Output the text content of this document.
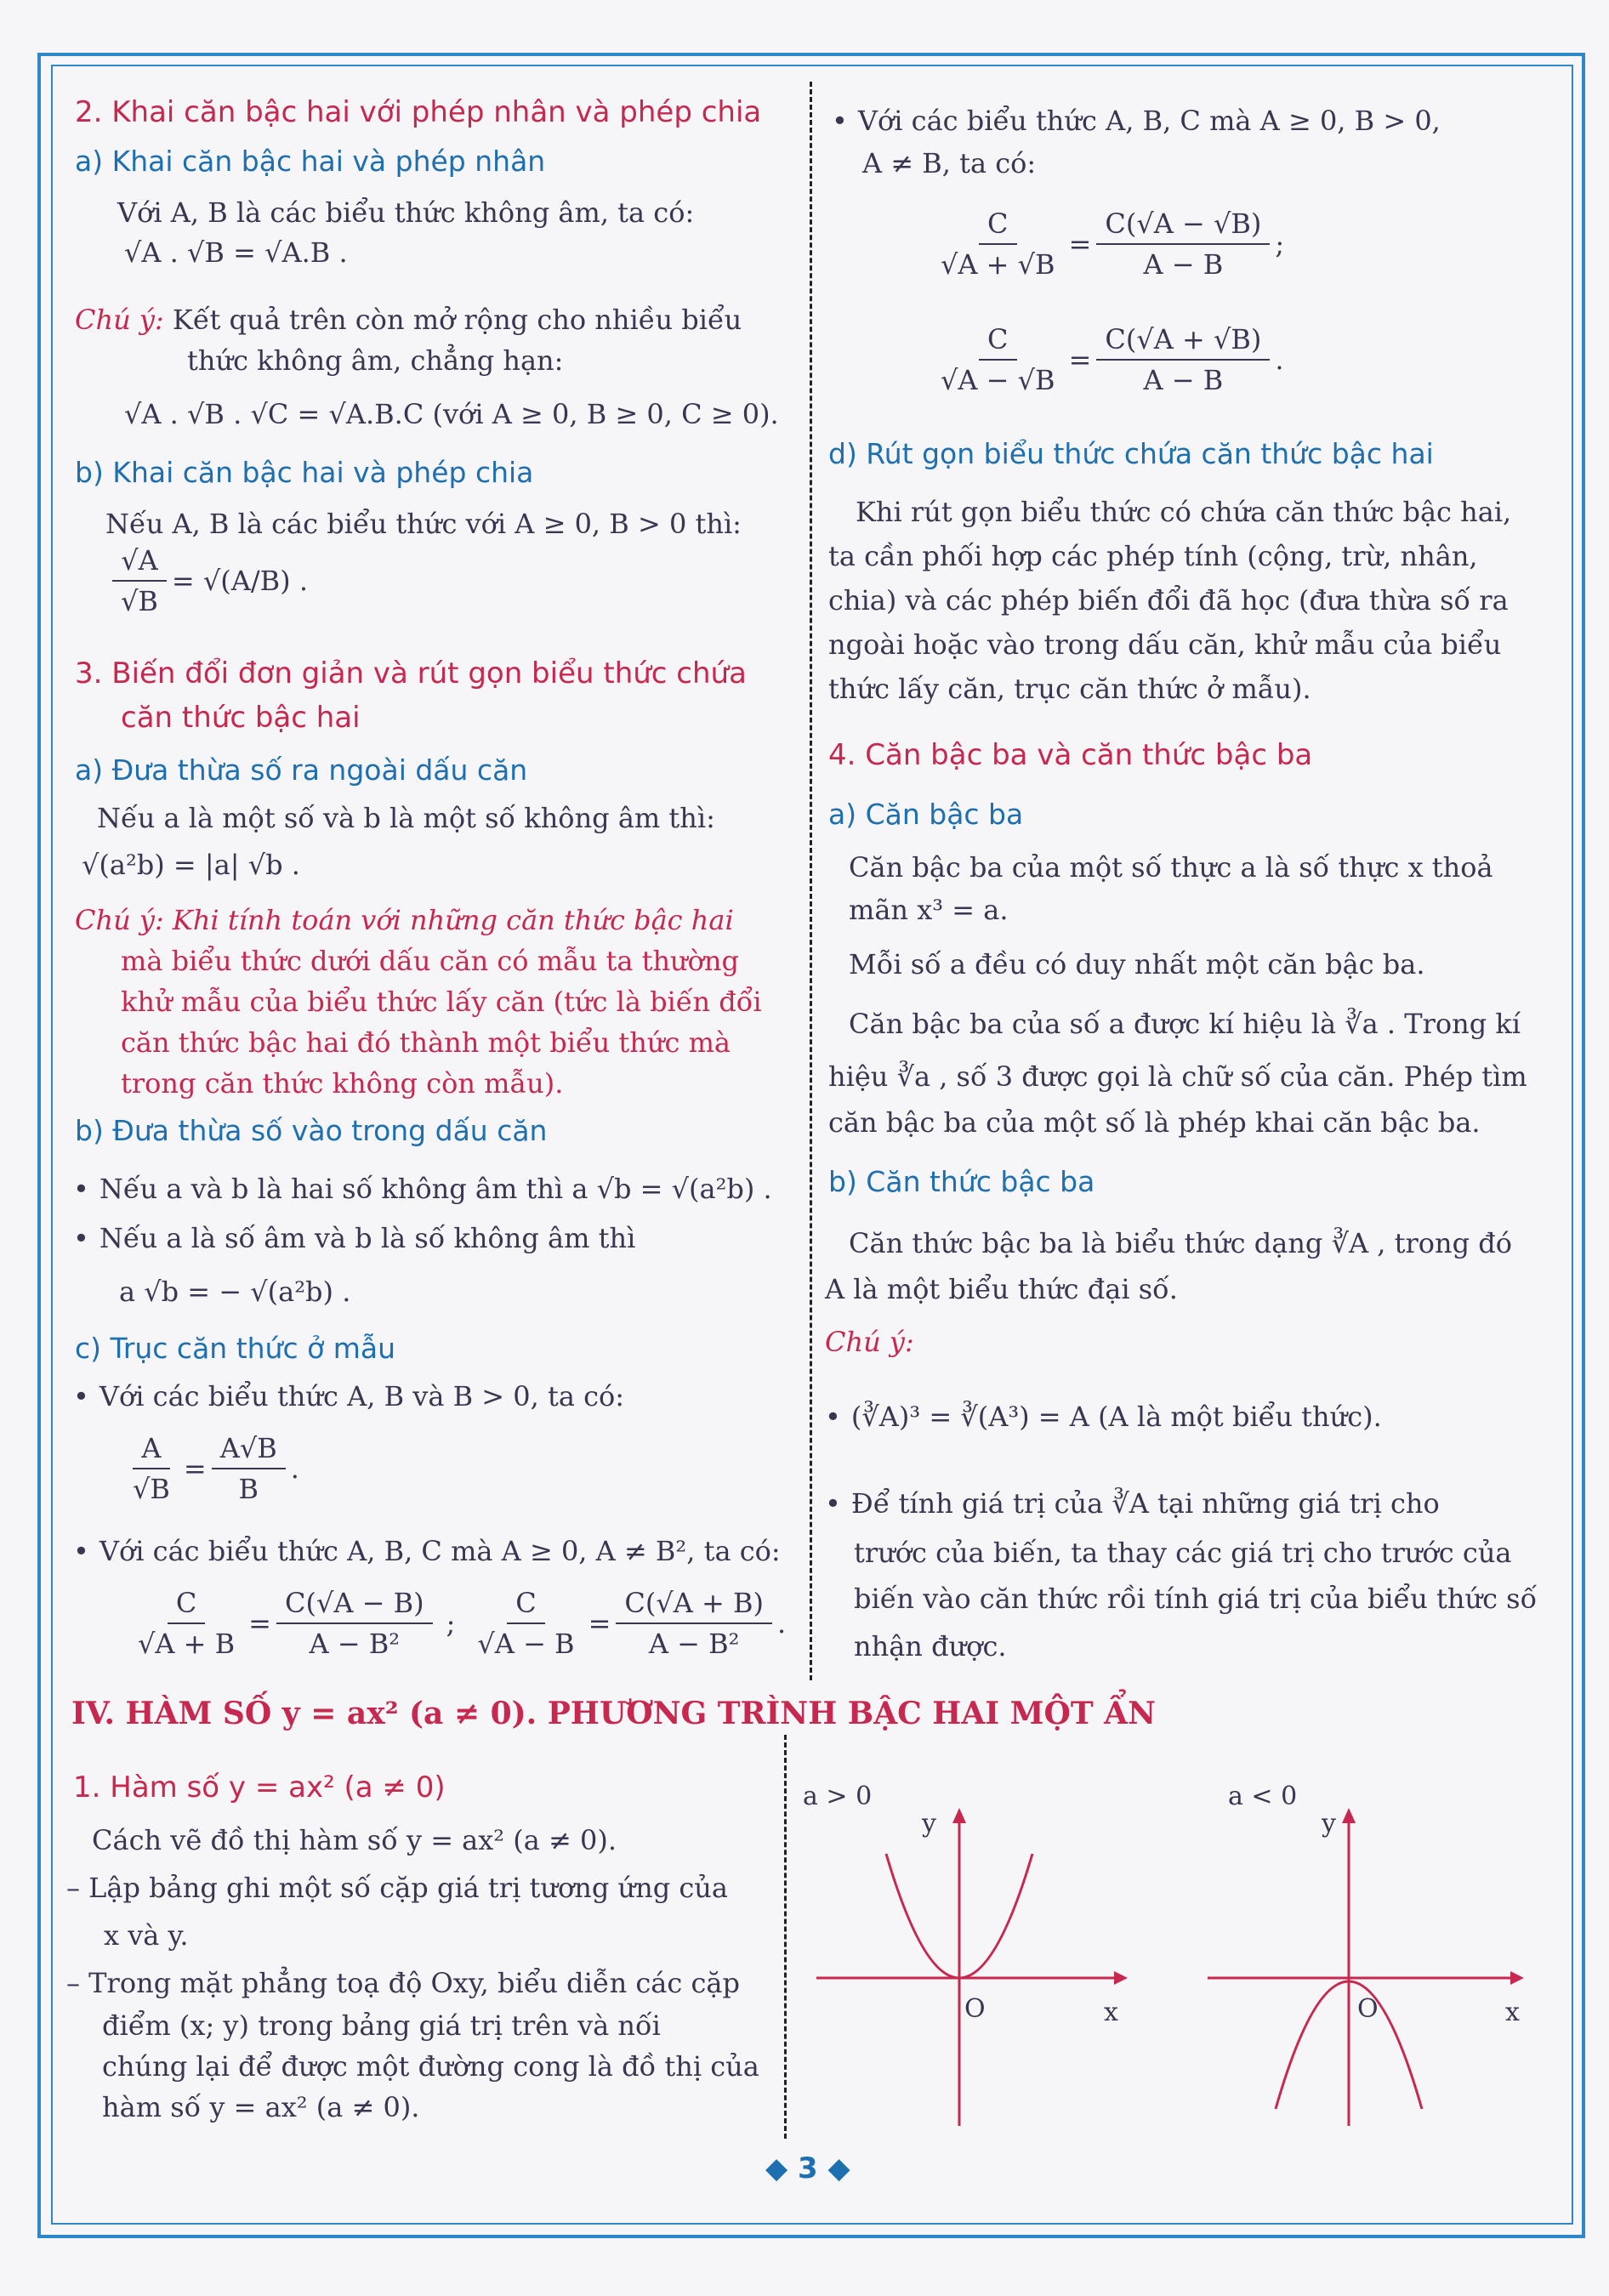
2. Khai căn bậc hai với phép nhân và phép chia
a) Khai căn bậc hai và phép nhân
Với A, B là các biểu thức không âm, ta có:
√A . √B = √A.B .
Chú ý: Kết quả trên còn mở rộng cho nhiều biểu
thức không âm, chẳng hạn:
√A . √B . √C = √A.B.C (với A ≥ 0, B ≥ 0, C ≥ 0).
b) Khai căn bậc hai và phép chia
Nếu A, B là các biểu thức với A ≥ 0, B > 0 thì:
$\frac{√A}{√B} = √(A/B)$ .
3. Biến đổi đơn giản và rút gọn biểu thức chứa
căn thức bậc hai
a) Đưa thừa số ra ngoài dấu căn
Nếu a là một số và b là một số không âm thì:
√(a²b) = |a| √b .
Chú ý: Khi tính toán với những căn thức bậc hai
mà biểu thức dưới dấu căn có mẫu ta thường
khử mẫu của biểu thức lấy căn (tức là biến đổi
căn thức bậc hai đó thành một biểu thức mà
trong căn thức không còn mẫu).
b) Đưa thừa số vào trong dấu căn
• Nếu a và b là hai số không âm thì a √b = √(a²b) .
• Nếu a là số âm và b là số không âm thì
a √b = − √(a²b) .
c) Trục căn thức ở mẫu
• Với các biểu thức A, B và B > 0, ta có:
$\frac{A}{√B} = \frac{A√B}{B}$ .
• Với các biểu thức A, B, C mà A ≥ 0, A ≠ B², ta có:
$\frac{C}{√A + B} = \frac{C(√A - B)}{\text{A − B²}}$ ; $\frac{C}{√A - B} = \frac{C(√A + B)}{\text{A − B²}}$ .
• Với các biểu thức A, B, C mà A ≥ 0, B > 0,
A ≠ B, ta có:
$\frac{C}{√A + √B} = \frac{C(√A - √B)}{A - B}$ ;
$\frac{C}{√A - √B} = \frac{C(√A + √B)}{A - B}$ .
d) Rút gọn biểu thức chứa căn thức bậc hai
Khi rút gọn biểu thức có chứa căn thức bậc hai,
ta cần phối hợp các phép tính (cộng, trừ, nhân,
chia) và các phép biến đổi đã học (đưa thừa số ra
ngoài hoặc vào trong dấu căn, khử mẫu của biểu
thức lấy căn, trục căn thức ở mẫu).
4. Căn bậc ba và căn thức bậc ba
a) Căn bậc ba
Căn bậc ba của một số thực a là số thực x thoả
mãn x³ = a.
Mỗi số a đều có duy nhất một căn bậc ba.
Căn bậc ba của số a được kí hiệu là ∛a . Trong kí
hiệu ∛a , số 3 được gọi là chữ số của căn. Phép tìm
căn bậc ba của một số là phép khai căn bậc ba.
b) Căn thức bậc ba
Căn thức bậc ba là biểu thức dạng ∛A , trong đó
A là một biểu thức đại số.
Chú ý:
• (∛A)³ = ∛(A³) = A (A là một biểu thức).
• Để tính giá trị của ∛A tại những giá trị cho
trước của biến, ta thay các giá trị cho trước của
biến vào căn thức rồi tính giá trị của biểu thức số
nhận được.
IV. HÀM SỐ y = ax² (a ≠ 0). PHƯƠNG TRÌNH BẬC HAI MỘT ẨN
1. Hàm số y = ax² (a ≠ 0)
Cách vẽ đồ thị hàm số y = ax² (a ≠ 0).
– Lập bảng ghi một số cặp giá trị tương ứng của
x và y.
– Trong mặt phẳng toạ độ Oxy, biểu diễn các cặp
điểm (x; y) trong bảng giá trị trên và nối
chúng lại để được một đường cong là đồ thị của
hàm số y = ax² (a ≠ 0).
a > 0
y
x
O
a < 0
y
x
O
◆ 3 ◆
